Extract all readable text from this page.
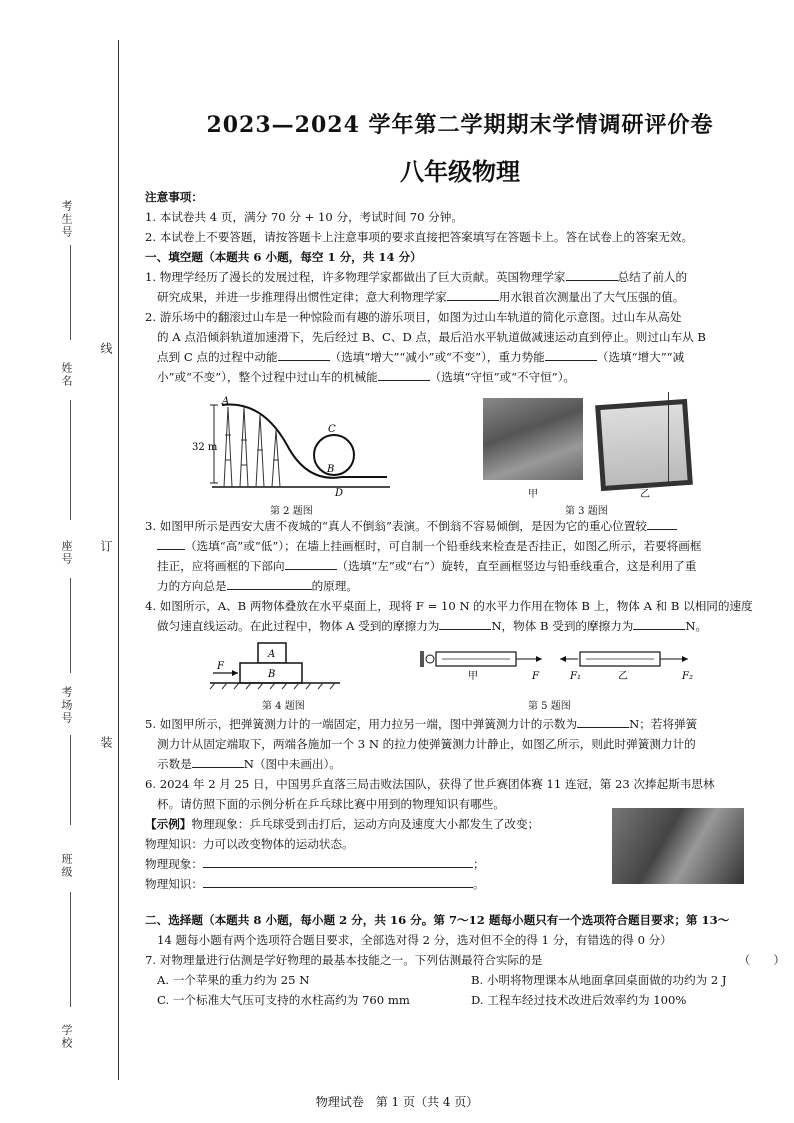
考生号
姓名
座号
考场号
班级
学校
线
订
装
2023—2024 学年第二学期期末学情调研评价卷
八年级物理

注意事项：

1. 本试卷共 4 页，满分 70 分 + 10 分，考试时间 70 分钟。

2. 本试卷上不要答题，请按答题卡上注意事项的要求直接把答案填写在答题卡上。答在试卷上的答案无效。

一、填空题（本题共 6 小题，每空 1 分，共 14 分）

1. 物理学经历了漫长的发展过程，许多物理学家都做出了巨大贡献。英国物理学家	总结了前人的

研究成果，并进一步推理得出惯性定律；意大利物理学家	用水银首次测量出了大气压强的值。

2. 游乐场中的翻滚过山车是一种惊险而有趣的游乐项目，如图为过山车轨道的简化示意图。过山车从高处

的 A 点沿倾斜轨道加速滑下，先后经过 B、C、D 点，最后沿水平轨道做减速运动直到停止。则过山车从 B

点到 C 点的过程中动能	（选填“增大”“减小”或“不变”），重力势能	（选填“增大”“减

小”或“不变”），整个过程中过山车的机械能	（选填“守恒”或“不守恒”）。

32 m
A
B
C
D
第 2 题图
甲	乙
第 3 题图

3. 如图甲所示是西安大唐不夜城的“真人不倒翁”表演。不倒翁不容易倾倒，是因为它的重心位置较

（选填“高”或“低”）；在墙上挂画框时，可自制一个铅垂线来检查是否挂正，如图乙所示，若要将画框

挂正，应将画框的下部向	（选填“左”或“右”）旋转，直至画框竖边与铅垂线重合，这是利用了重

力的方向总是	的原理。

4. 如图所示，A、B 两物体叠放在水平桌面上，现将 F = 10 N 的水平力作用在物体 B 上，物体 A 和 B 以相同的速度

做匀速直线运动。在此过程中，物体 A 受到的摩擦力为	N，物体 B 受到的摩擦力为	N。

A
B
F
第 4 题图
甲	F	F₁	乙	F₂
第 5 题图

5. 如图甲所示，把弹簧测力计的一端固定，用力拉另一端，图中弹簧测力计的示数为	N；若将弹簧

测力计从固定端取下，两端各施加一个 3 N 的拉力使弹簧测力计静止，如图乙所示，则此时弹簧测力计的

示数是	N（图中未画出）。

6. 2024 年 2 月 25 日，中国男乒直落三局击败法国队，获得了世乒赛团体赛 11 连冠，第 23 次捧起斯韦思林

杯。请仿照下面的示例分析在乒乓球比赛中用到的物理知识有哪些。

【示例】物理现象：乒乓球受到击打后，运动方向及速度大小都发生了改变；

物理知识：力可以改变物体的运动状态。

物理现象：	；

物理知识：	。

二、选择题（本题共 8 小题，每小题 2 分，共 16 分。第 7～12 题每小题只有一个选项符合题目要求；第 13～

14 题每小题有两个选项符合题目要求，全部选对得 2 分，选对但不全的得 1 分，有错选的得 0 分）

7. 对物理量进行估测是学好物理的最基本技能之一。下列估测最符合实际的是	（　　）

A. 一个苹果的重力约为 25 N	B. 小明将物理课本从地面拿回桌面做的功约为 2 J
C. 一个标准大气压可支持的水柱高约为 760 mm	D. 工程车经过技术改进后效率约为 100%
物理试卷　第 1 页（共 4 页）
